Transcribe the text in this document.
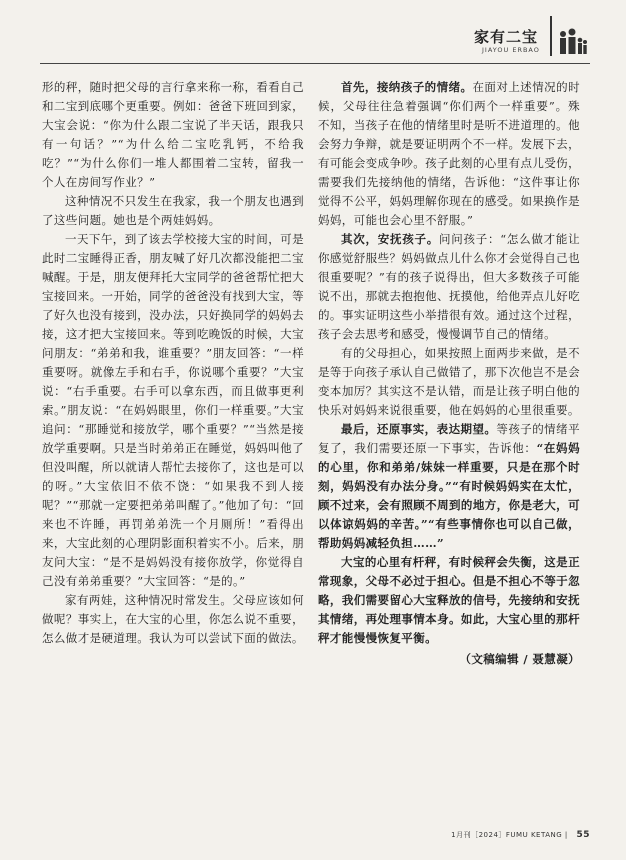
家有二宝
JIAYOU ERBAO

形的秤，随时把父母的言行拿来称一称，看看自己和二宝到底哪个更重要。例如：爸爸下班回到家，大宝会说：“你为什么跟二宝说了半天话，跟我只有一句话？”“为什么给二宝吃乳钙，不给我吃？”“为什么你们一堆人都围着二宝转，留我一个人在房间写作业？”

这种情况不只发生在我家，我一个朋友也遇到了这些问题。她也是个两娃妈妈。

一天下午，到了该去学校接大宝的时间，可是此时二宝睡得正香，朋友喊了好几次都没能把二宝喊醒。于是，朋友便拜托大宝同学的爸爸帮忙把大宝接回来。一开始，同学的爸爸没有找到大宝，等了好久也没有接到，没办法，只好换同学的妈妈去接，这才把大宝接回来。等到吃晚饭的时候，大宝问朋友：“弟弟和我，谁重要？”朋友回答：“一样重要呀。就像左手和右手，你说哪个重要？”大宝说：“右手重要。右手可以拿东西，而且做事更利索。”朋友说：“在妈妈眼里，你们一样重要。”大宝追问：“那睡觉和接放学，哪个重要？”“当然是接放学重要啊。只是当时弟弟正在睡觉，妈妈叫他了但没叫醒，所以就请人帮忙去接你了，这也是可以的呀。”大宝依旧不依不饶：“如果我不到人接呢？”“那就一定要把弟弟叫醒了。”他加了句：“回来也不许睡，再罚弟弟洗一个月厕所！”看得出来，大宝此刻的心理阴影面积着实不小。后来，朋友问大宝：“是不是妈妈没有接你放学，你觉得自己没有弟弟重要？”大宝回答：“是的。”

家有两娃，这种情况时常发生。父母应该如何做呢？事实上，在大宝的心里，你怎么说不重要，怎么做才是硬道理。我认为可以尝试下面的做法。

首先，接纳孩子的情绪。在面对上述情况的时候，父母往往急着强调“你们两个一样重要”。殊不知，当孩子在他的情绪里时是听不进道理的。他会努力争辩，就是要证明两个不一样。发展下去，有可能会变成争吵。孩子此刻的心里有点儿受伤，需要我们先接纳他的情绪，告诉他：“这件事让你觉得不公平，妈妈理解你现在的感受。如果换作是妈妈，可能也会心里不舒服。”

其次，安抚孩子。问问孩子：“怎么做才能让你感觉舒服些？妈妈做点儿什么你才会觉得自己也很重要呢？”有的孩子说得出，但大多数孩子可能说不出，那就去抱抱他、抚摸他，给他弄点儿好吃的。事实证明这些小举措很有效。通过这个过程，孩子会去思考和感受，慢慢调节自己的情绪。

有的父母担心，如果按照上面两步来做，是不是等于向孩子承认自己做错了，那下次他岂不是会变本加厉？其实这不是认错，而是让孩子明白他的快乐对妈妈来说很重要，他在妈妈的心里很重要。

最后，还原事实，表达期望。等孩子的情绪平复了，我们需要还原一下事实，告诉他：“在妈妈的心里，你和弟弟/妹妹一样重要，只是在那个时刻，妈妈没有办法分身。”“有时候妈妈实在太忙，顾不过来，会有照顾不周到的地方，你是老大，可以体谅妈妈的辛苦。”“有些事情你也可以自己做，帮助妈妈减轻负担……”

大宝的心里有杆秤，有时候秤会失衡，这是正常现象，父母不必过于担心。但是不担心不等于忽略，我们需要留心大宝释放的信号，先接纳和安抚其情绪，再处理事情本身。如此，大宝心里的那杆秤才能慢慢恢复平衡。

（文稿编辑 / 聂慧凝）

1月刊［2024］FUMU KETANG | 55
